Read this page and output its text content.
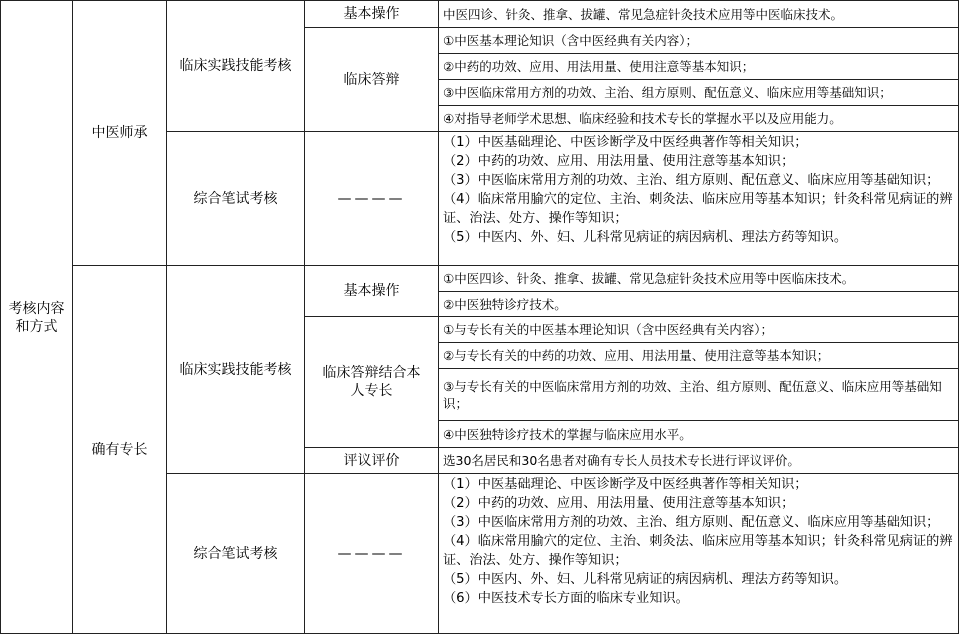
考核内容和方式
中医师承
确有专长
临床实践技能考核
综合笔试考核
临床实践技能考核
综合笔试考核
基本操作
临床答辩
————
基本操作
临床答辩结合本人专长
评议评价
————
中医四诊、针灸、推拿、拔罐、常见急症针灸技术应用等中医临床技术。
①中医基本理论知识（含中医经典有关内容）；
②中药的功效、应用、用法用量、使用注意等基本知识；
③中医临床常用方剂的功效、主治、组方原则、配伍意义、临床应用等基础知识；
④对指导老师学术思想、临床经验和技术专长的掌握水平以及应用能力。

（1）中医基础理论、中医诊断学及中医经典著作等相关知识；

（2）中药的功效、应用、用法用量、使用注意等基本知识；

（3）中医临床常用方剂的功效、主治、组方原则、配伍意义、临床应用等基础知识；

（4）临床常用腧穴的定位、主治、刺灸法、临床应用等基本知识；针灸科常见病证的辨证、治法、处方、操作等知识；

（5）中医内、外、妇、儿科常见病证的病因病机、理法方药等知识。

①中医四诊、针灸、推拿、拔罐、常见急症针灸技术应用等中医临床技术。
②中医独特诊疗技术。
①与专长有关的中医基本理论知识（含中医经典有关内容）；
②与专长有关的中药的功效、应用、用法用量、使用注意等基本知识；
③与专长有关的中医临床常用方剂的功效、主治、组方原则、配伍意义、临床应用等基础知识；
④中医独特诊疗技术的掌握与临床应用水平。
选30名居民和30名患者对确有专长人员技术专长进行评议评价。

（1）中医基础理论、中医诊断学及中医经典著作等相关知识；

（2）中药的功效、应用、用法用量、使用注意等基本知识；

（3）中医临床常用方剂的功效、主治、组方原则、配伍意义、临床应用等基础知识；

（4）临床常用腧穴的定位、主治、刺灸法、临床应用等基本知识；针灸科常见病证的辨证、治法、处方、操作等知识；

（5）中医内、外、妇、儿科常见病证的病因病机、理法方药等知识。

（6）中医技术专长方面的临床专业知识。
